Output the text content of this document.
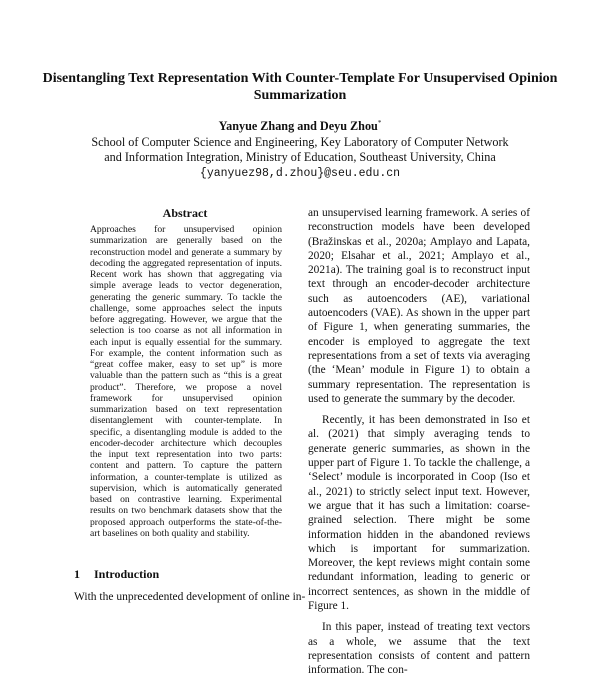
Disentangling Text Representation With Counter-Template For Unsupervised Opinion Summarization
Yanyue Zhang and Deyu Zhou*
School of Computer Science and Engineering, Key Laboratory of Computer Network
and Information Integration, Ministry of Education, Southeast University, China
{yanyuez98,d.zhou}@seu.edu.cn
Abstract
Approaches for unsupervised opinion summarization are generally based on the reconstruction model and generate a summary by decoding the aggregated representation of inputs. Recent work has shown that aggregating via simple average leads to vector degeneration, generating the generic summary. To tackle the challenge, some approaches select the inputs before aggregating. However, we argue that the selection is too coarse as not all information in each input is equally essential for the summary. For example, the content information such as “great coffee maker, easy to set up” is more valuable than the pattern such as “this is a great product”. Therefore, we propose a novel framework for unsupervised opinion summarization based on text representation disentanglement with counter-template. In specific, a disentangling module is added to the encoder-decoder architecture which decouples the input text representation into two parts: content and pattern. To capture the pattern information, a counter-template is utilized as supervision, which is automatically generated based on contrastive learning. Experimental results on two benchmark datasets show that the proposed approach outperforms the state-of-the-art baselines on both quality and stability.
1 Introduction
With the unprecedented development of online in-

an unsupervised learning framework. A series of reconstruction models have been developed (Bražinskas et al., 2020a; Amplayo and Lapata, 2020; Elsahar et al., 2021; Amplayo et al., 2021a). The training goal is to reconstruct input text through an encoder-decoder architecture such as autoencoders (AE), variational autoencoders (VAE). As shown in the upper part of Figure 1, when generating summaries, the encoder is employed to aggregate the text representations from a set of texts via averaging (the ‘Mean’ module in Figure 1) to obtain a summary representation. The representation is used to generate the summary by the decoder.

Recently, it has been demonstrated in Iso et al. (2021) that simply averaging tends to generate generic summaries, as shown in the upper part of Figure 1. To tackle the challenge, a ‘Select’ module is incorporated in Coop (Iso et al., 2021) to strictly select input text. However, we argue that it has such a limitation: coarse-grained selection. There might be some information hidden in the abandoned reviews which is important for summarization. Moreover, the kept reviews might contain some redundant information, leading to generic or incorrect sentences, as shown in the middle of Figure 1.

In this paper, instead of treating text vectors as a whole, we assume that the text representation consists of content and pattern information. The con-
